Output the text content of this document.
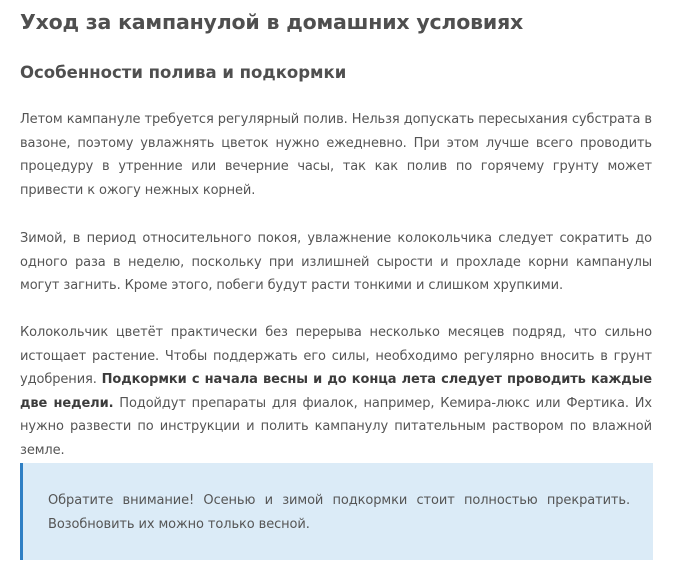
Уход за кампанулой в домашних условиях
Особенности полива и подкормки

Летом кампануле требуется регулярный полив. Нельзя допускать пересыхания субстрата в вазоне, поэтому увлажнять цветок нужно ежедневно. При этом лучше всего проводить процедуру в утренние или вечерние часы, так как полив по горячему грунту может привести к ожогу нежных корней.

Зимой, в период относительного покоя, увлажнение колокольчика следует сократить до одного раза в неделю, поскольку при излишней сырости и прохладе корни кампанулы могут загнить. Кроме этого, побеги будут расти тонкими и слишком хрупкими.

Колокольчик цветёт практически без перерыва несколько месяцев подряд, что сильно истощает растение. Чтобы поддержать его силы, необходимо регулярно вносить в грунт удобрения. Подкормки с начала весны и до конца лета следует проводить каждые две недели. Подойдут препараты для фиалок, например, Кемира-люкс или Фертика. Их нужно развести по инструкции и полить кампанулу питательным раствором по влажной земле.

Обратите внимание! Осенью и зимой подкормки стоит полностью прекратить. Возобновить их можно только весной.
